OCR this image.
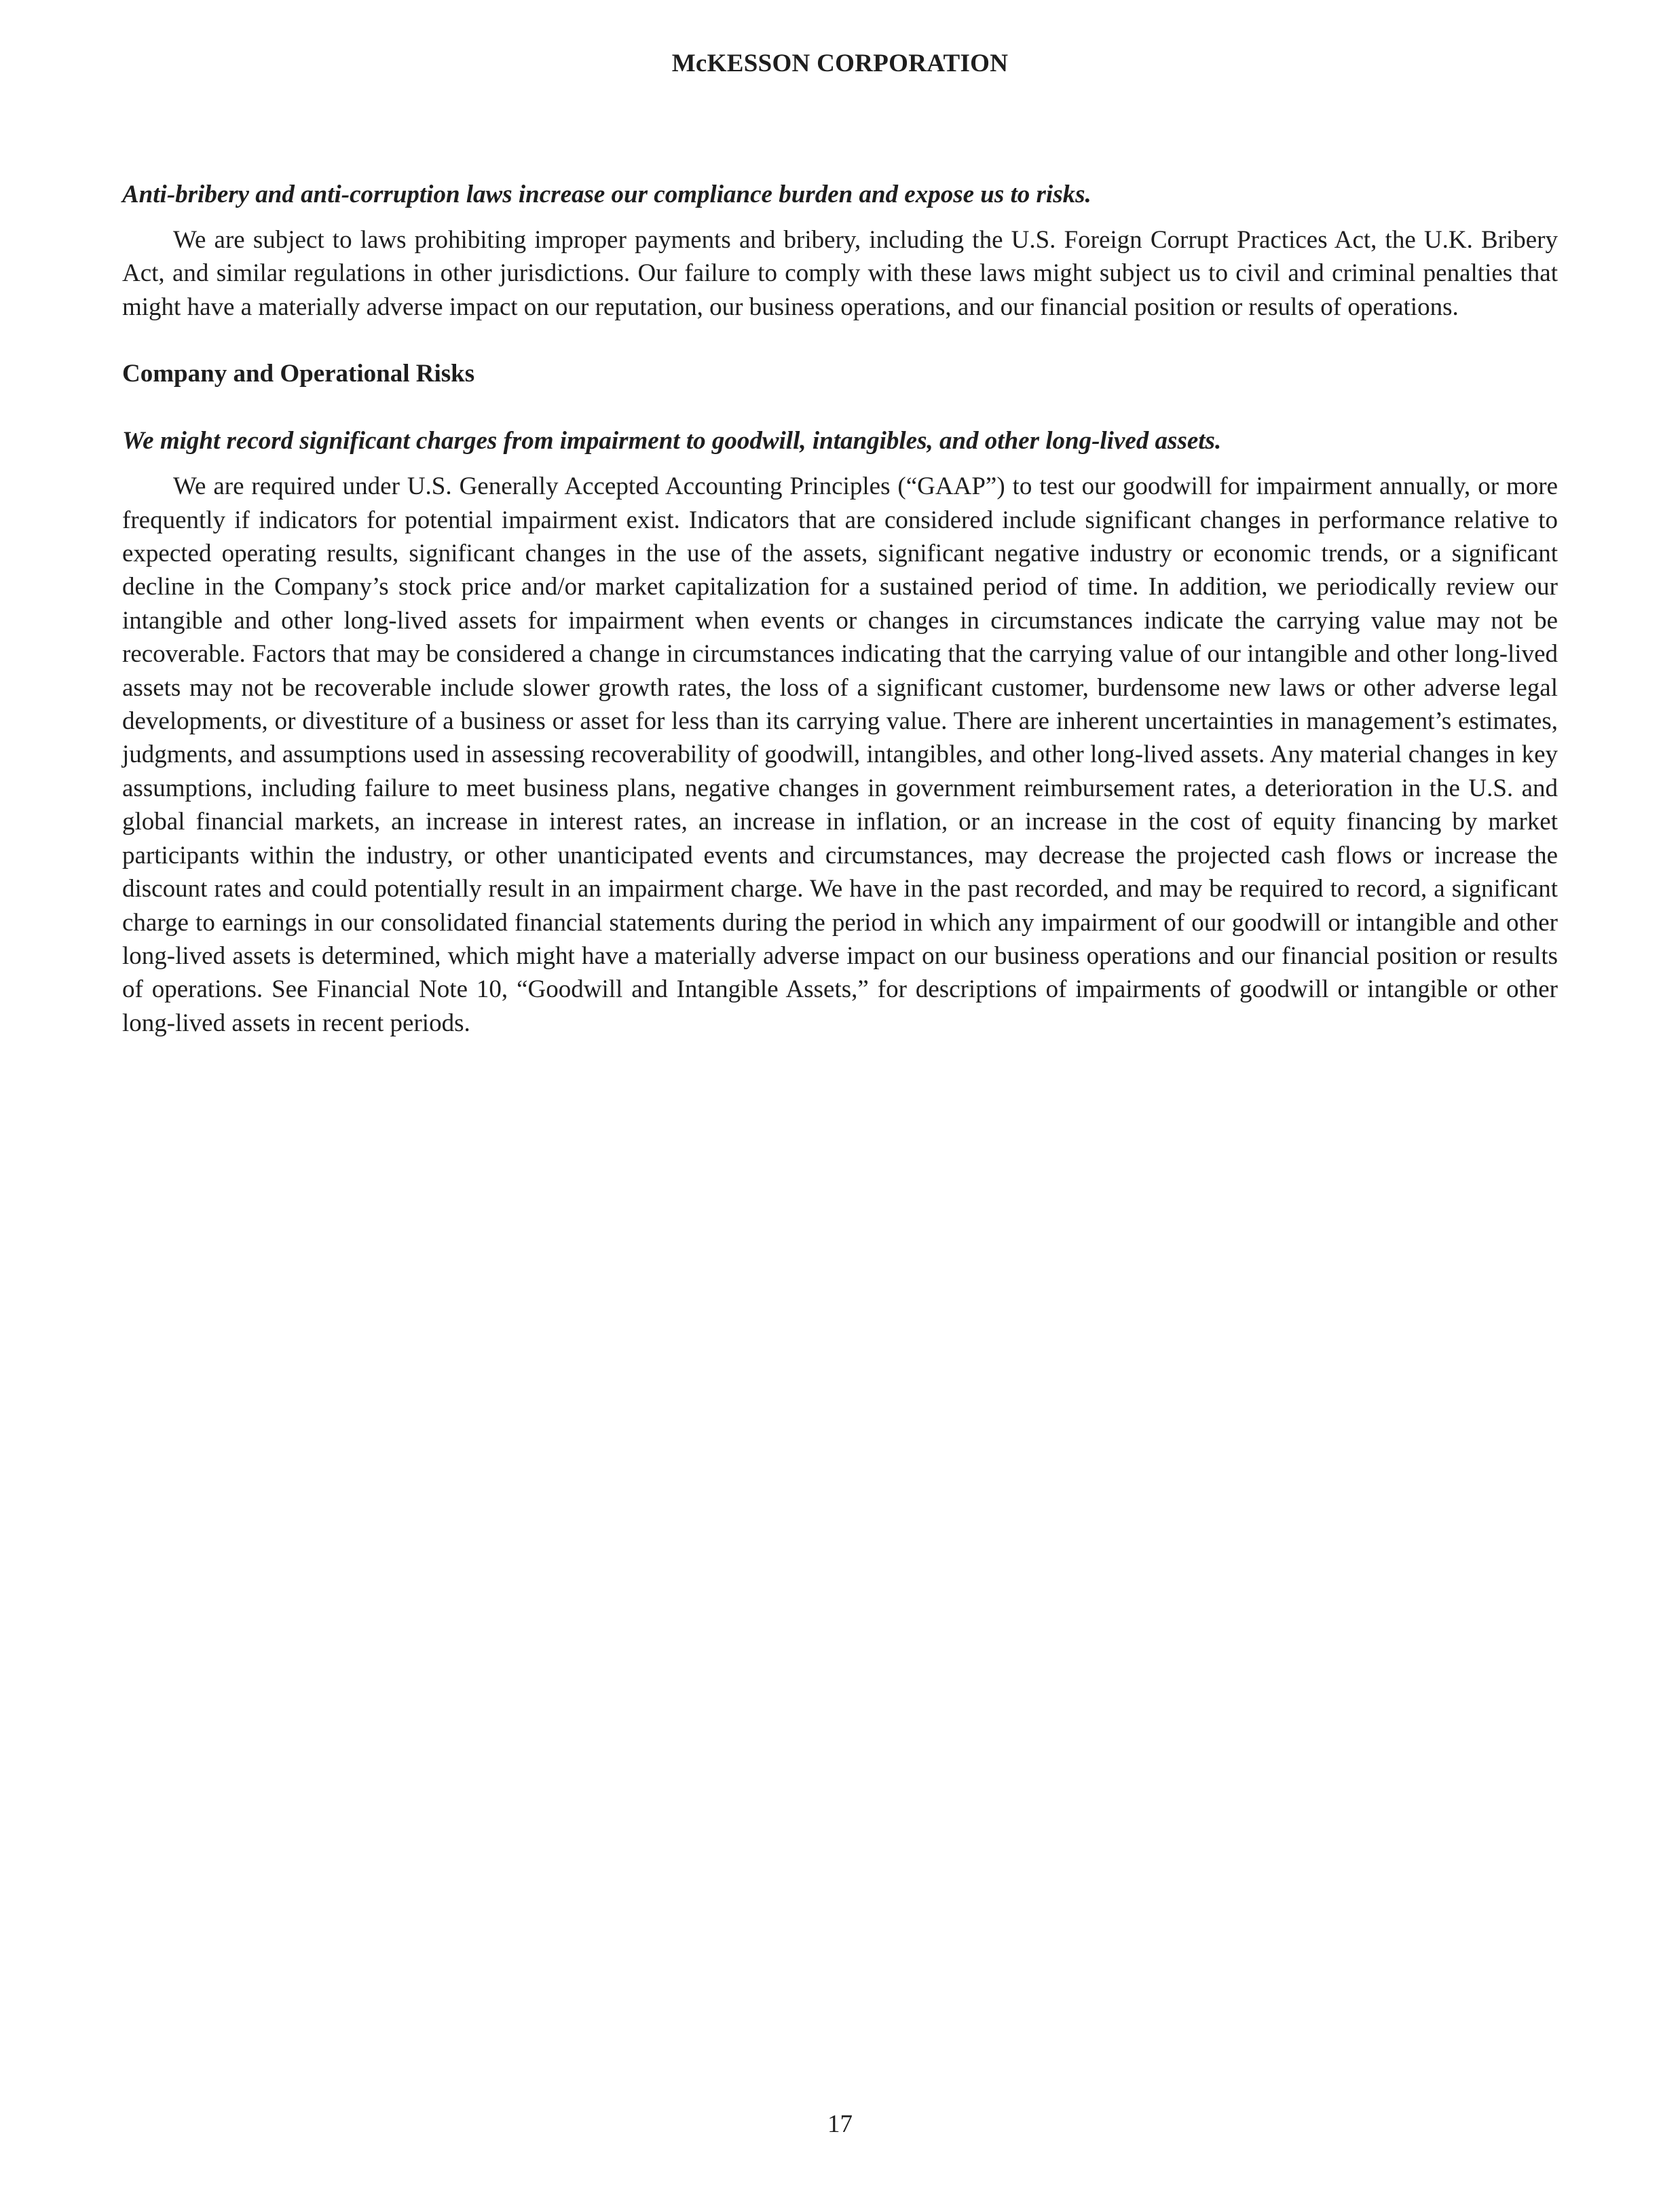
McKESSON CORPORATION

Anti-bribery and anti-corruption laws increase our compliance burden and expose us to risks.

We are subject to laws prohibiting improper payments and bribery, including the U.S. Foreign Corrupt Practices Act, the U.K. Bribery Act, and similar regulations in other jurisdictions. Our failure to comply with these laws might subject us to civil and criminal penalties that might have a materially adverse impact on our reputation, our business operations, and our financial position or results of operations.

Company and Operational Risks

We might record significant charges from impairment to goodwill, intangibles, and other long-lived assets.

We are required under U.S. Generally Accepted Accounting Principles (“GAAP”) to test our goodwill for impairment annually, or more frequently if indicators for potential impairment exist. Indicators that are considered include significant changes in performance relative to expected operating results, significant changes in the use of the assets, significant negative industry or economic trends, or a significant decline in the Company’s stock price and/or market capitalization for a sustained period of time. In addition, we periodically review our intangible and other long-lived assets for impairment when events or changes in circumstances indicate the carrying value may not be recoverable. Factors that may be considered a change in circumstances indicating that the carrying value of our intangible and other long-lived assets may not be recoverable include slower growth rates, the loss of a significant customer, burdensome new laws or other adverse legal developments, or divestiture of a business or asset for less than its carrying value. There are inherent uncertainties in management’s estimates, judgments, and assumptions used in assessing recoverability of goodwill, intangibles, and other long-lived assets. Any material changes in key assumptions, including failure to meet business plans, negative changes in government reimbursement rates, a deterioration in the U.S. and global financial markets, an increase in interest rates, an increase in inflation, or an increase in the cost of equity financing by market participants within the industry, or other unanticipated events and circumstances, may decrease the projected cash flows or increase the discount rates and could potentially result in an impairment charge. We have in the past recorded, and may be required to record, a significant charge to earnings in our consolidated financial statements during the period in which any impairment of our goodwill or intangible and other long-lived assets is determined, which might have a materially adverse impact on our business operations and our financial position or results of operations. See Financial Note 10, “Goodwill and Intangible Assets,” for descriptions of impairments of goodwill or intangible or other long-lived assets in recent periods.

17
